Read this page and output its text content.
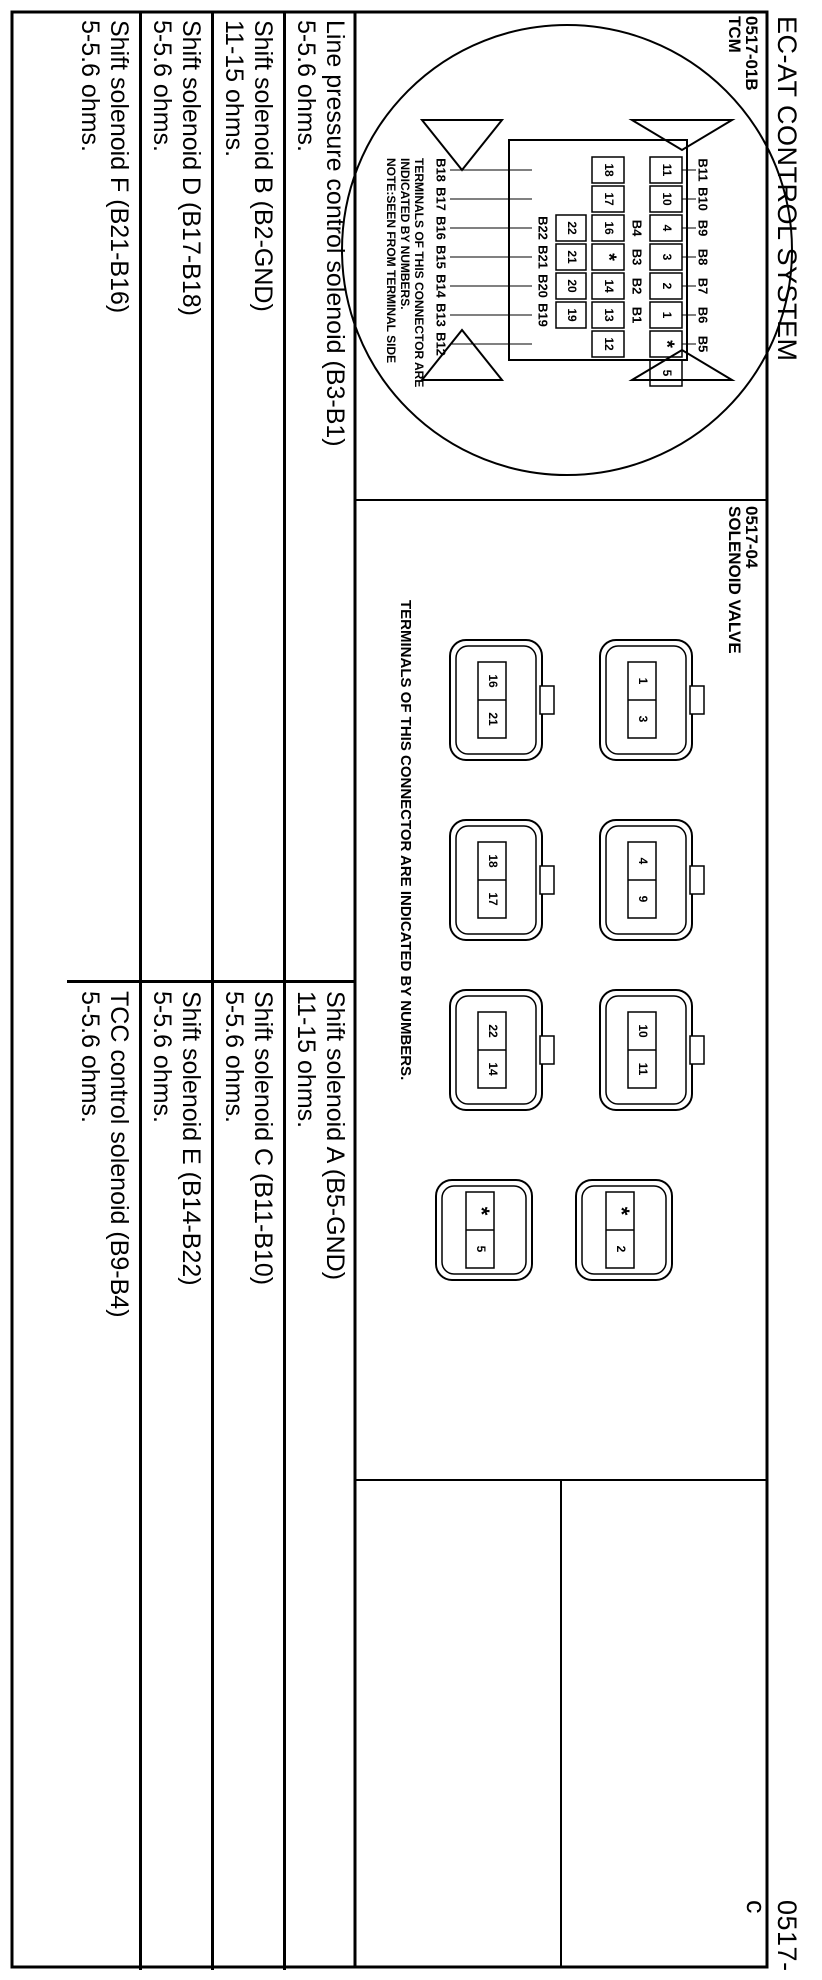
EC-AT CONTROL SYSTEM
0517-c
B11
B10
B9
B8
B7
B6
B5
11
10
4
3
2
1
*
5
B4
B3
B2
B1
18
17
16
*
14
13
12
22
21
20
19
B22
B21
B20
B19
B18
B17
B16
B15
B14
B13
B12
1
3
4
9
10
11
*
2
16
21
18
17
22
14
*
5
0517-01B
TCM
0517-04
SOLENOID VALVE
TERMINALS OF THIS CONNECTOR ARE INDICATED BY NUMBERS.
TERMINALS OF THIS CONNECTOR ARE
INDICATED BY NUMBERS.
NOTE:SEEN FROM TERMINAL SIDE
Line pressure control solenoid (B3-B1)
5-5.6 ohms.
Shift solenoid B (B2-GND)
11-15 ohms.
Shift solenoid D (B17-B18)
5-5.6 ohms.
Shift solenoid F (B21-B16)
5-5.6 ohms.
Shift solenoid A (B5-GND)
11-15 ohms.
Shift solenoid C (B11-B10)
5-5.6 ohms.
Shift solenoid E (B14-B22)
5-5.6 ohms.
TCC control solenoid (B9-B4)
5-5.6 ohms.
